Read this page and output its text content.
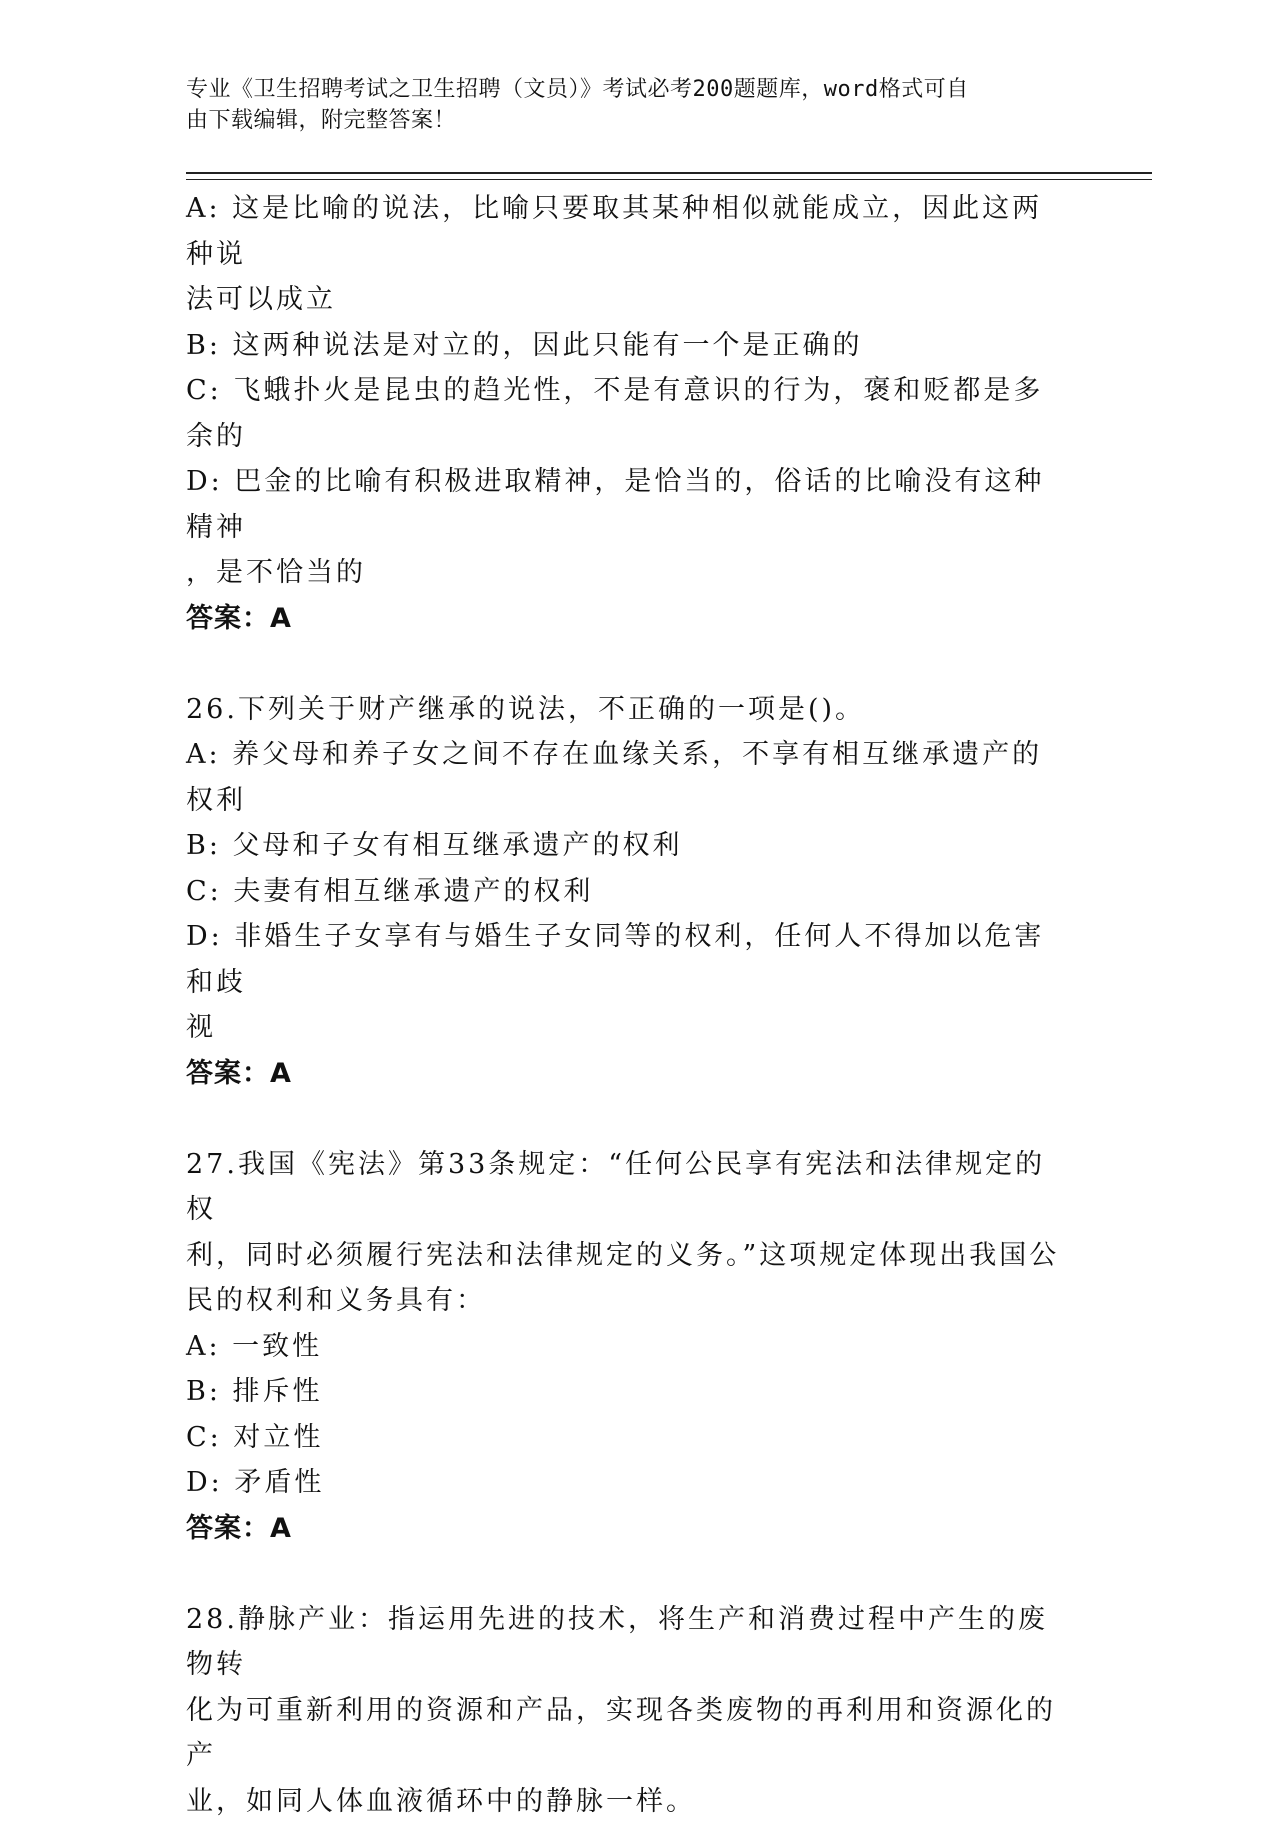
专业《卫生招聘考试之卫生招聘（文员）》考试必考200题题库，word格式可自
由下载编辑，附完整答案！
A: 这是比喻的说法，比喻只要取其某种相似就能成立，因此这两种说
法可以成立
B: 这两种说法是对立的，因此只能有一个是正确的
C: 飞蛾扑火是昆虫的趋光性，不是有意识的行为，褒和贬都是多余的
D: 巴金的比喻有积极进取精神，是恰当的，俗话的比喻没有这种精神
，是不恰当的
答案：A
26.下列关于财产继承的说法，不正确的一项是()。
A: 养父母和养子女之间不存在血缘关系，不享有相互继承遗产的权利
B: 父母和子女有相互继承遗产的权利
C: 夫妻有相互继承遗产的权利
D: 非婚生子女享有与婚生子女同等的权利，任何人不得加以危害和歧
视
答案：A
27.我国《宪法》第33条规定：“任何公民享有宪法和法律规定的权
利，同时必须履行宪法和法律规定的义务。”这项规定体现出我国公
民的权利和义务具有：
A: 一致性
B: 排斥性
C: 对立性
D: 矛盾性
答案：A
28.静脉产业：指运用先进的技术，将生产和消费过程中产生的废物转
化为可重新利用的资源和产品，实现各类废物的再利用和资源化的产
业，如同人体血液循环中的静脉一样。
